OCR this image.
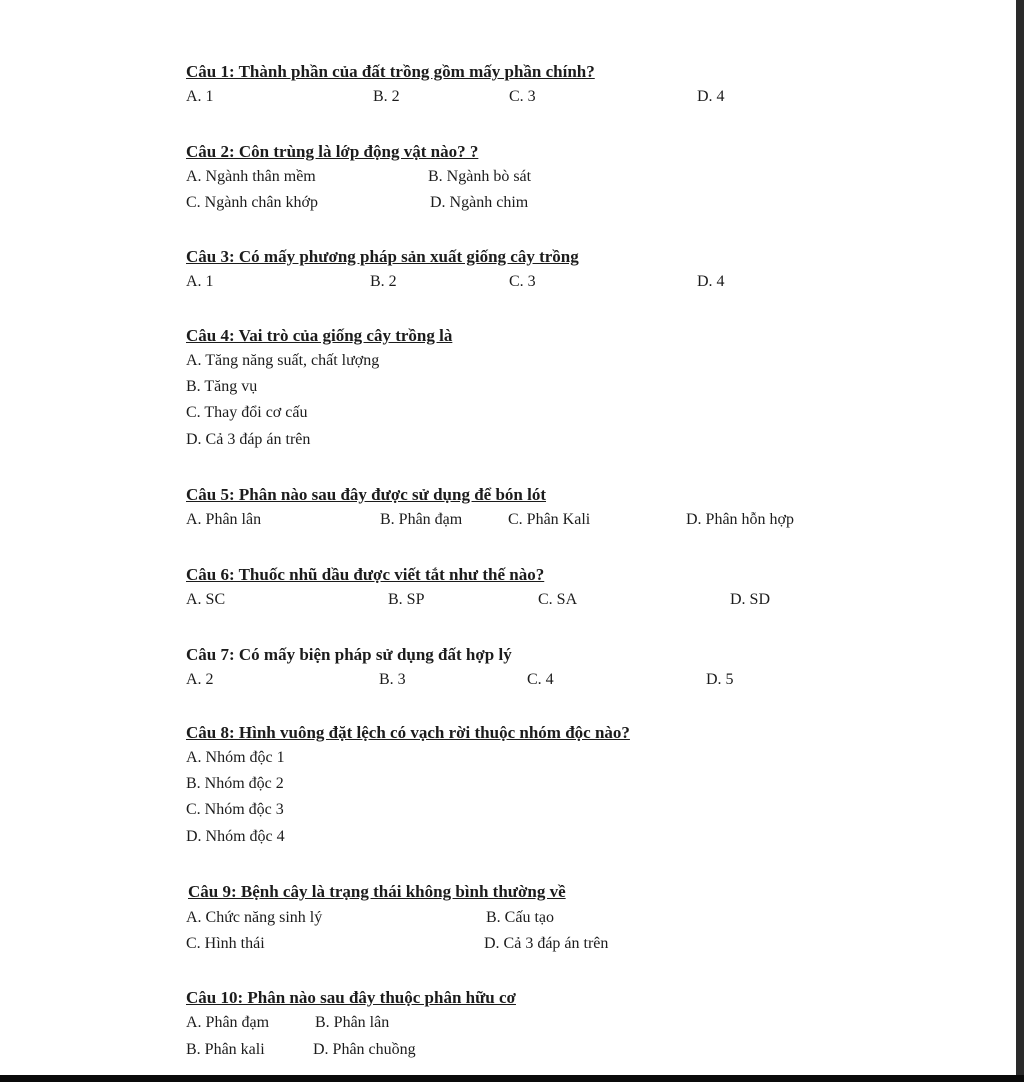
Câu 1: Thành phần của đất trồng gồm mấy phần chính?
A. 1	B. 2	C. 3	D. 4
Câu 2: Côn trùng là lớp động vật nào? ?
A. Ngành thân mềm	B. Ngành bò sát
C. Ngành chân khớp	D. Ngành chim
Câu 3: Có mấy phương pháp sản xuất giống cây trồng
A. 1	B. 2	C. 3	D. 4
Câu 4: Vai trò của giống cây trồng là
A. Tăng năng suất, chất lượng
B. Tăng vụ
C. Thay đổi cơ cấu
D. Cả 3 đáp án trên
Câu 5: Phân nào sau đây được sử dụng để bón lót
A. Phân lân	B. Phân đạm	C. Phân Kali	D. Phân hỗn hợp
Câu 6: Thuốc nhũ dầu được viết tắt như thế nào?
A. SC	B. SP	C. SA	D. SD
Câu 7: Có mấy biện pháp sử dụng đất hợp lý
A. 2	B. 3	C. 4	D. 5
Câu 8: Hình vuông đặt lệch có vạch rời thuộc nhóm độc nào?
A. Nhóm độc 1
B. Nhóm độc 2
C. Nhóm độc 3
D. Nhóm độc 4
Câu 9: Bệnh cây là trạng thái không bình thường về
A. Chức năng sinh lý	B. Cấu tạo
C. Hình thái	D. Cả 3 đáp án trên
Câu 10: Phân nào sau đây thuộc phân hữu cơ
A. Phân đạm	B. Phân lân
B. Phân kali	D. Phân chuồng
